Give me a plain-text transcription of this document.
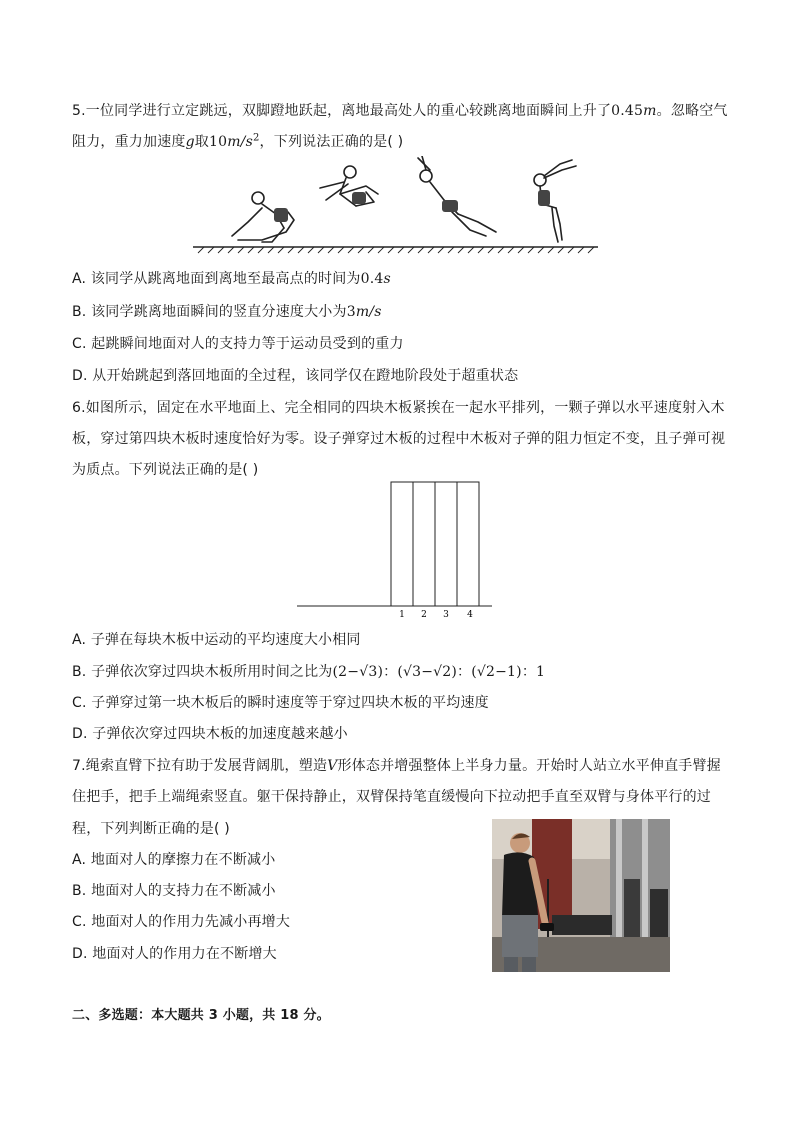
5.一位同学进行立定跳远，双脚蹬地跃起，离地最高处人的重心较跳离地面瞬间上升了0.45m。忽略空气
阻力，重力加速度g取$10m/s^2$，下列说法正确的是( )
A. 该同学从跳离地面到离地至最高点的时间为0.4s
B. 该同学跳离地面瞬间的竖直分速度大小为3m/s
C. 起跳瞬间地面对人的支持力等于运动员受到的重力
D. 从开始跳起到落回地面的全过程，该同学仅在蹬地阶段处于超重状态
6.如图所示，固定在水平地面上、完全相同的四块木板紧挨在一起水平排列，一颗子弹以水平速度射入木
板，穿过第四块木板时速度恰好为零。设子弹穿过木板的过程中木板对子弹的阻力恒定不变，且子弹可视
为质点。下列说法正确的是( )
1 2 3 4
A. 子弹在每块木板中运动的平均速度大小相同
B. 子弹依次穿过四块木板所用时间之比为(2−√3)：(√3−√2)：(√2−1)：1
C. 子弹穿过第一块木板后的瞬时速度等于穿过四块木板的平均速度
D. 子弹依次穿过四块木板的加速度越来越小
7.绳索直臂下拉有助于发展背阔肌，塑造V形体态并增强整体上半身力量。开始时人站立水平伸直手臂握
住把手，把手上端绳索竖直。躯干保持静止，双臂保持笔直缓慢向下拉动把手直至双臂与身体平行的过
程，下列判断正确的是( )
A. 地面对人的摩擦力在不断减小
B. 地面对人的支持力在不断减小
C. 地面对人的作用力先减小再增大
D. 地面对人的作用力在不断增大
二、多选题：本大题共 3 小题，共 18 分。
